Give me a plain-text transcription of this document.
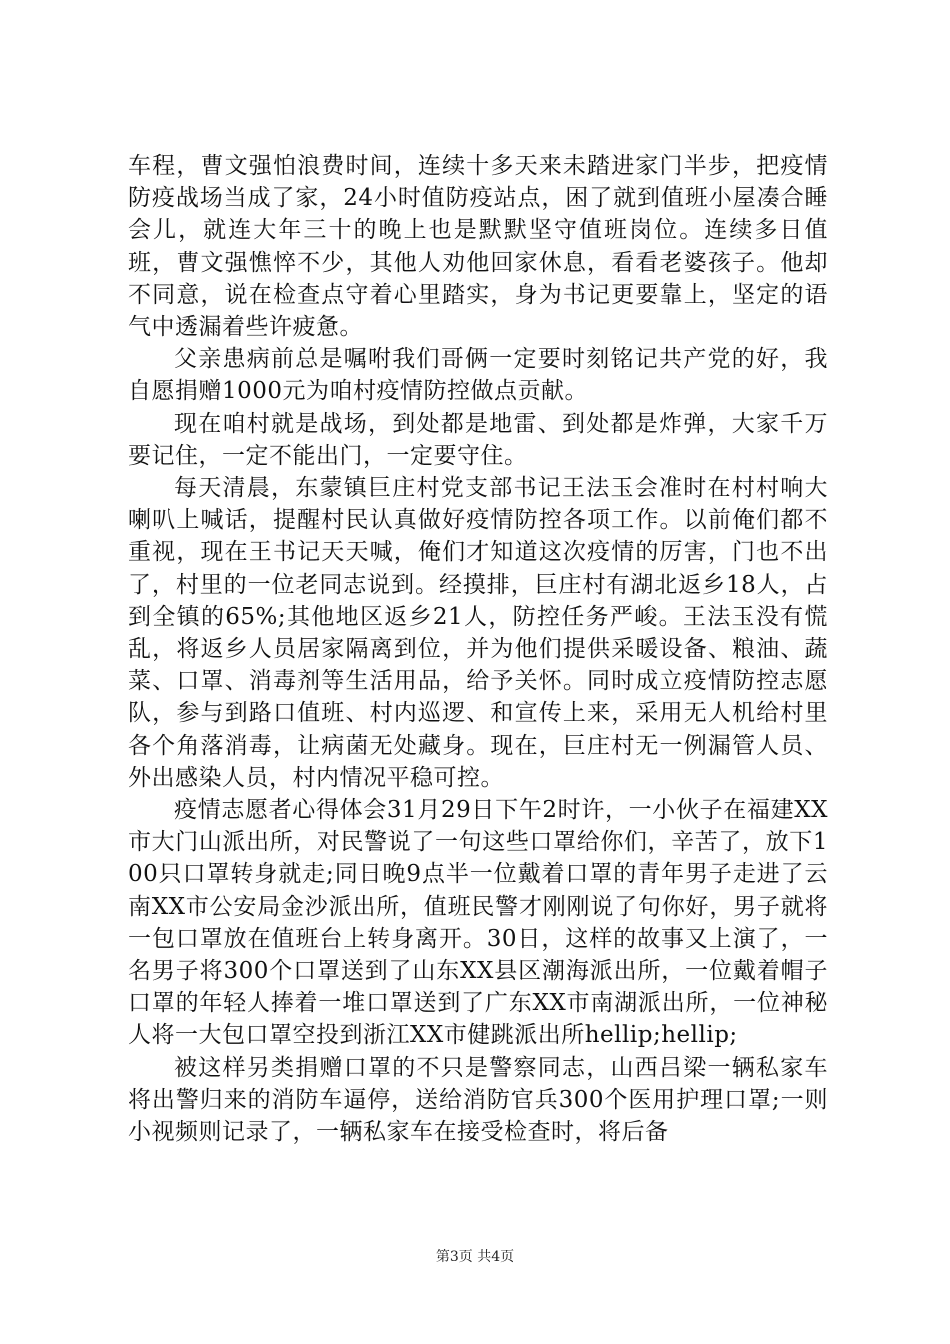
车程，曹文强怕浪费时间，连续十多天来未踏进家门半步，把疫情防疫战场当成了家，24小时值防疫站点，困了就到值班小屋凑合睡会儿，就连大年三十的晚上也是默默坚守值班岗位。连续多日值班，曹文强憔悴不少，其他人劝他回家休息，看看老婆孩子。他却不同意，说在检查点守着心里踏实，身为书记更要靠上，坚定的语气中透漏着些许疲惫。

父亲患病前总是嘱咐我们哥俩一定要时刻铭记共产党的好，我自愿捐赠1000元为咱村疫情防控做点贡献。

现在咱村就是战场，到处都是地雷、到处都是炸弹，大家千万要记住，一定不能出门，一定要守住。

每天清晨，东蒙镇巨庄村党支部书记王法玉会准时在村村响大喇叭上喊话，提醒村民认真做好疫情防控各项工作。以前俺们都不重视，现在王书记天天喊，俺们才知道这次疫情的厉害，门也不出了，村里的一位老同志说到。经摸排，巨庄村有湖北返乡18人，占到全镇的65%;其他地区返乡21人，防控任务严峻。王法玉没有慌乱，将返乡人员居家隔离到位，并为他们提供采暖设备、粮油、蔬菜、口罩、消毒剂等生活用品，给予关怀。同时成立疫情防控志愿队，参与到路口值班、村内巡逻、和宣传上来，采用无人机给村里各个角落消毒，让病菌无处藏身。现在，巨庄村无一例漏管人员、外出感染人员，村内情况平稳可控。

疫情志愿者心得体会31月29日下午2时许，一小伙子在福建XX市大门山派出所，对民警说了一句这些口罩给你们，辛苦了，放下100只口罩转身就走;同日晚9点半一位戴着口罩的青年男子走进了云南XX市公安局金沙派出所，值班民警才刚刚说了句你好，男子就将一包口罩放在值班台上转身离开。30日，这样的故事又上演了，一名男子将300个口罩送到了山东XX县区潮海派出所，一位戴着帽子口罩的年轻人捧着一堆口罩送到了广东XX市南湖派出所，一位神秘人将一大包口罩空投到浙江XX市健跳派出所hellip;hellip;

被这样另类捐赠口罩的不只是警察同志，山西吕梁一辆私家车将出警归来的消防车逼停，送给消防官兵300个医用护理口罩;一则小视频则记录了，一辆私家车在接受检查时，将后备

第3页 共4页
